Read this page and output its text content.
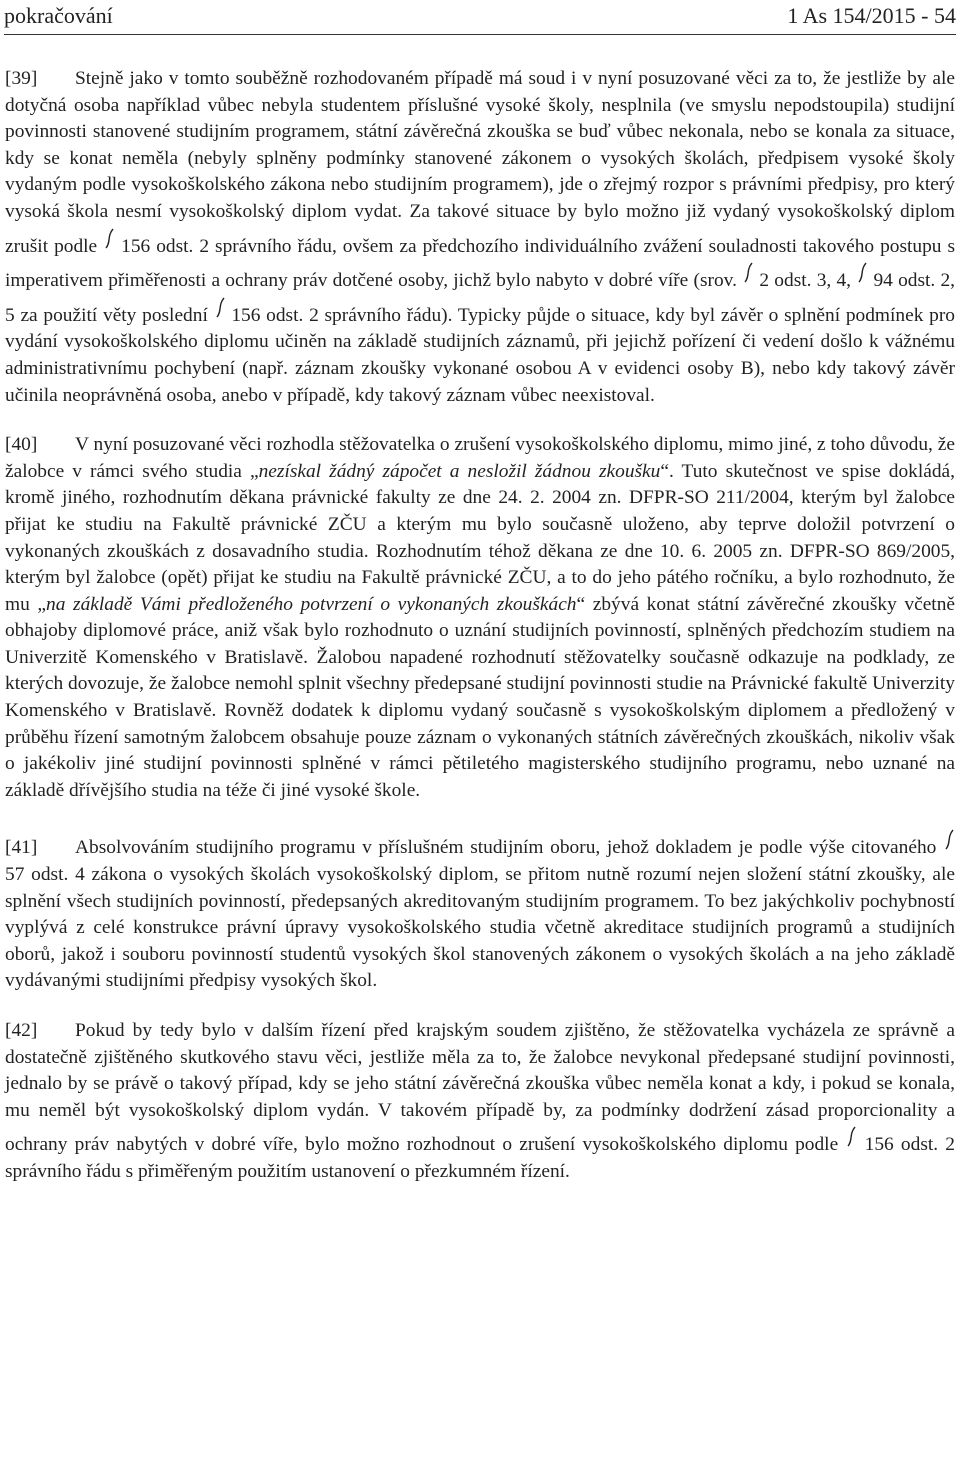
pokračování	1 As 154/2015 - 54

[39] Stejně jako v tomto souběžně rozhodovaném případě má soud i v nyní posuzované věci za to, že jestliže by ale dotyčná osoba například vůbec nebyla studentem příslušné vysoké školy, nesplnila (ve smyslu nepodstoupila) studijní povinnosti stanovené studijním programem, státní závěrečná zkouška se buď vůbec nekonala, nebo se konala za situace, kdy se konat neměla (nebyly splněny podmínky stanovené zákonem o vysokých školách, předpisem vysoké školy vydaným podle vysokoškolského zákona nebo studijním programem), jde o zřejmý rozpor s právními předpisy, pro který vysoká škola nesmí vysokoškolský diplom vydat. Za takové situace by bylo možno již vydaný vysokoškolský diplom zrušit podle  156 odst. 2 správního řádu, ovšem za předchozího individuálního zvážení souladnosti takového postupu s imperativem přiměřenosti a ochrany práv dotčené osoby, jichž bylo nabyto v dobré víře (srov.  2 odst. 3, 4,  94 odst. 2, 5 za použití věty poslední  156 odst. 2 správního řádu). Typicky půjde o situace, kdy byl závěr o splnění podmínek pro vydání vysokoškolského diplomu učiněn na základě studijních záznamů, při jejichž pořízení či vedení došlo k vážnému administrativnímu pochybení (např. záznam zkoušky vykonané osobou A v evidenci osoby B), nebo kdy takový závěr učinila neoprávněná osoba, anebo v případě, kdy takový záznam vůbec neexistoval.

[40] V nyní posuzované věci rozhodla stěžovatelka o zrušení vysokoškolského diplomu, mimo jiné, z toho důvodu, že žalobce v rámci svého studia „nezískal žádný zápočet a nesložil žádnou zkoušku“. Tuto skutečnost ve spise dokládá, kromě jiného, rozhodnutím děkana právnické fakulty ze dne 24. 2. 2004 zn. DFPR-SO 211/2004, kterým byl žalobce přijat ke studiu na Fakultě právnické ZČU a kterým mu bylo současně uloženo, aby teprve doložil potvrzení o vykonaných zkouškách z dosavadního studia. Rozhodnutím téhož děkana ze dne 10. 6. 2005 zn. DFPR-SO 869/2005, kterým byl žalobce (opět) přijat ke studiu na Fakultě právnické ZČU, a to do jeho pátého ročníku, a bylo rozhodnuto, že mu „na základě Vámi předloženého potvrzení o vykonaných zkouškách“ zbývá konat státní závěrečné zkoušky včetně obhajoby diplomové práce, aniž však bylo rozhodnuto o uznání studijních povinností, splněných předchozím studiem na Univerzitě Komenského v Bratislavě. Žalobou napadené rozhodnutí stěžovatelky současně odkazuje na podklady, ze kterých dovozuje, že žalobce nemohl splnit všechny předepsané studijní povinnosti studie na Právnické fakultě Univerzity Komenského v Bratislavě. Rovněž dodatek k diplomu vydaný současně s vysokoškolským diplomem a předložený v průběhu řízení samotným žalobcem obsahuje pouze záznam o vykonaných státních závěrečných zkouškách, nikoliv však o jakékoliv jiné studijní povinnosti splněné v rámci pětiletého magisterského studijního programu, nebo uznané na základě dřívějšího studia na téže či jiné vysoké škole.

[41] Absolvováním studijního programu v příslušném studijním oboru, jehož dokladem je podle výše citovaného  57 odst. 4 zákona o vysokých školách vysokoškolský diplom, se přitom nutně rozumí nejen složení státní zkoušky, ale splnění všech studijních povinností, předepsaných akreditovaným studijním programem. To bez jakýchkoliv pochybností vyplývá z celé konstrukce právní úpravy vysokoškolského studia včetně akreditace studijních programů a studijních oborů, jakož i souboru povinností studentů vysokých škol stanovených zákonem o vysokých školách a na jeho základě vydávanými studijními předpisy vysokých škol.

[42] Pokud by tedy bylo v dalším řízení před krajským soudem zjištěno, že stěžovatelka vycházela ze správně a dostatečně zjištěného skutkového stavu věci, jestliže měla za to, že žalobce nevykonal předepsané studijní povinnosti, jednalo by se právě o takový případ, kdy se jeho státní závěrečná zkouška vůbec neměla konat a kdy, i pokud se konala, mu neměl být vysokoškolský diplom vydán. V takovém případě by, za podmínky dodržení zásad proporcionality a ochrany práv nabytých v dobré víře, bylo možno rozhodnout o zrušení vysokoškolského diplomu podle  156 odst. 2 správního řádu s přiměřeným použitím ustanovení o přezkumném řízení.
